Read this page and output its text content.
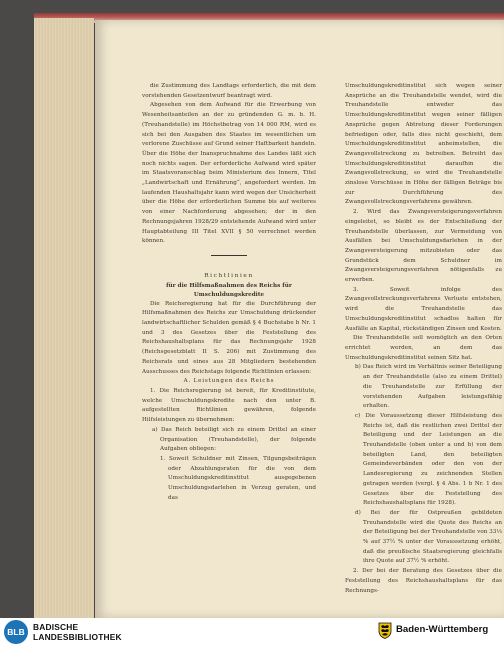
die Zustimmung des Landtags erforderlich, die mit dem vorstehenden Gesetzentwurf beantragt wird.

Abgesehen von dem Aufwand für die Erwerbung von Wesenheitsanteilen an der zu gründenden G. m. b. H. (Treuhandstelle) im Höchstbetrag von 14 000 RM, wird es sich bei den Ausgaben des Staates im wesentlichen um verlorene Zuschüsse auf Grund seiner Haftbarkeit handeln. Über die Höhe der Inanspruchnahme des Landes läßt sich noch nichts sagen. Der erforderliche Aufwand wird später im Staatsvoranschlag beim Ministerium des Innern, Titel „Landwirtschaft und Ernährung“, angefordert werden. Im laufenden Haushaltsjahr kann wird wegen der Unsicherheit über die Höhe der erforderlichen Summe bis auf weiteres von einer Nachforderung abgesehen; der in den Rechnungsjahren 1928/29 entstehende Aufwand wird unter Hauptabteilung III Titel XVII § 50 verrechnet werden können.

Richtlinien

für die Hilfsmaßnahmen des Reichs für Umschuldungskredite

Die Reichsregierung hat für die Durchführung der Hilfsmaßnahmen des Reichs zur Umschuldung drückender landwirtschaftlicher Schulden gemäß § 4 Buchstabe b Nr. 1 und 3 des Gesetzes über die Feststellung des Reichshaushaltsplans für das Rechnungsjahr 1928 (Reichsgesetzblatt II S. 206) mit Zustimmung des Reichsrats und eines aus 28 Mitgliedern bestehenden Ausschusses des Reichstags folgende Richtlinien erlassen:

A. Leistungen des Reichs

1. Die Reichsregierung ist bereit, für Kreditinstitute, welche Umschuldungskredite nach den unter B. aufgestellten Richtlinien gewähren, folgende Hilfsleistungen zu übernehmen:

a) Das Reich beteiligt sich zu einem Drittel an einer Organisation (Treuhandstelle), der folgende Aufgaben obliegen:

1. Soweit Schuldner mit Zinsen, Tilgungsbeiträgen oder Abzahlungsraten für die von dem Umschuldungskreditinstitut ausgegebenen Umschuldungsdarlehen in Verzug geraten, und das

Umschuldungskreditinstitut sich wegen seiner Ansprüche an die Treuhandstelle wendet, wird die Treuhandstelle entweder das Umschuldungskreditinstitut wegen seiner fälligen Ansprüche gegen Abtretung dieser Forderungen befriedigen oder, falls dies nicht geschieht, dem Umschuldungskreditinstitut anheimstellen, die Zwangsvollstreckung zu betreiben. Betreibt das Umschuldungskreditinstitut daraufhin die Zwangsvollstreckung, so wird die Treuhandstelle zinslose Vorschüsse in Höhe der fälligen Beträge bis zur Durchführung des Zwangsvollstreckungsverfahrens gewähren.

2. Wird das Zwangsversteigerungsverfahren eingeleitet, so bleibt es der Entschließung der Treuhandstelle überlassen, zur Vermeidung von Ausfällen bei Umschuldungsdarlehen in der Zwangsversteigerung mitzubieten oder das Grundstück dem Schuldner im Zwangsversteigerungsverfahren nötigenfalls zu erwerben.

3. Soweit infolge des Zwangsvollstreckungsverfahrens Verluste entstehen, wird die Treuhandstelle das Umschuldungskreditinstitut schadlos halten für Ausfälle an Kapital, rückständigen Zinsen und Kosten.

Die Treuhandstelle soll womöglich an den Orten errichtet werden, an dem das Umschuldungskreditinstitut seinen Sitz hat.

b) Das Reich wird im Verhältnis seiner Beteiligung an der Treuhandstelle (also zu einem Drittel) die Treuhandstelle zur Erfüllung der vorstehenden Aufgaben leistungsfähig erhalten.

c) Die Voraussetzung dieser Hilfsleistung des Reichs ist, daß die restlichen zwei Drittel der Beteiligung und der Leistungen an die Treuhandstelle (oben unter a und b) von dem beteiligten Land, den beteiligten Gemeindeverbänden oder den von der Landesregierung zu zeichnenden Stellen getragen werden (vergl. § 4 Abs. 1 b Nr. 1 des Gesetzes über die Feststellung des Reichshaushaltsplans für 1928).

d) Bei der für Ostpreußen gebildeten Treuhandstelle wird die Quote des Reichs an der Beteiligung bei der Treuhandstelle von 33⅓ % auf 37½ % unter der Voraussetzung erhöht, daß die preußische Staatsregierung gleichfalls ihre Quote auf 37½ % erhöht.

2. Der bei der Beratung des Gesetzes über die Feststellung des Reichshaushaltsplans für das Rechnungs-

BLB BADISCHE
LANDESBIBLIOTHEK
Baden-Württemberg
